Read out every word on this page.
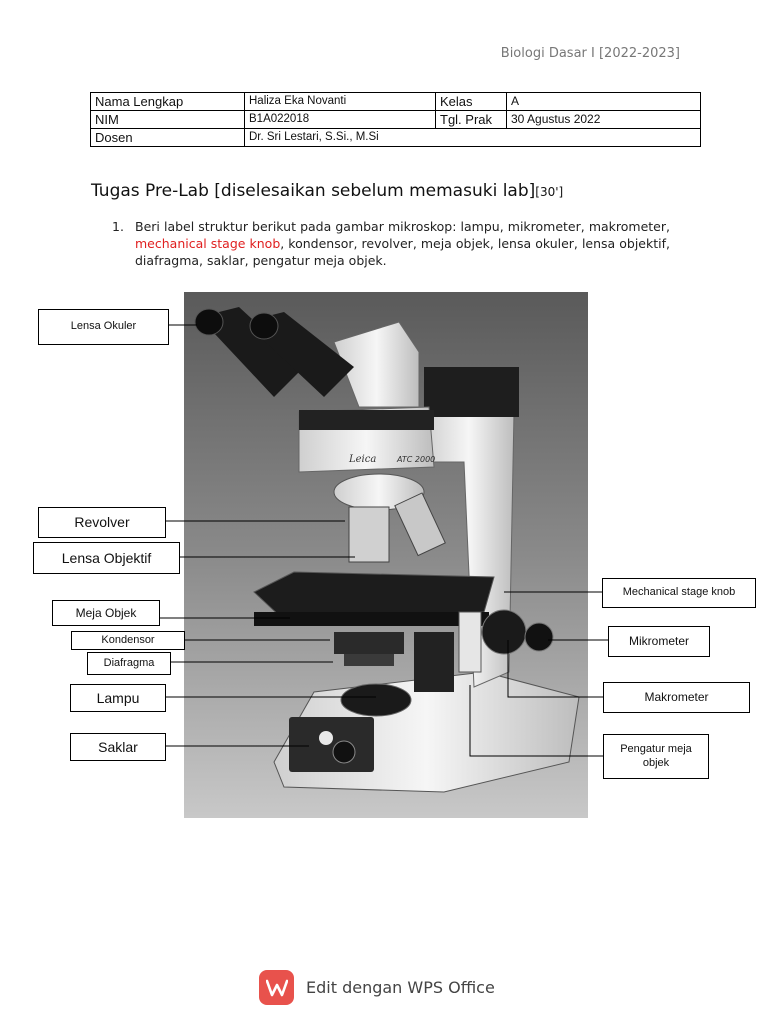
Biologi Dasar I [2022-2023]
Nama Lengkap	Haliza Eka Novanti	Kelas	A
NIM	B1A022018	Tgl. Prak	30 Agustus 2022
Dosen	Dr. Sri Lestari, S.Si., M.Si		
Tugas Pre-Lab [diselesaikan sebelum memasuki lab][30']
1. Beri label struktur berikut pada gambar mikroskop: lampu, mikrometer, makrometer, mechanical stage knob, kondensor, revolver, meja objek, lensa okuler, lensa objektif, diafragma, saklar, pengatur meja objek.
Leica	ATC 2000
Lensa Okuler
Revolver
Lensa Objektif
Meja Objek
Kondensor
Diafragma
Lampu
Saklar
Mechanical stage knob
Mikrometer
Makrometer
Pengatur meja objek
Edit dengan WPS Office
